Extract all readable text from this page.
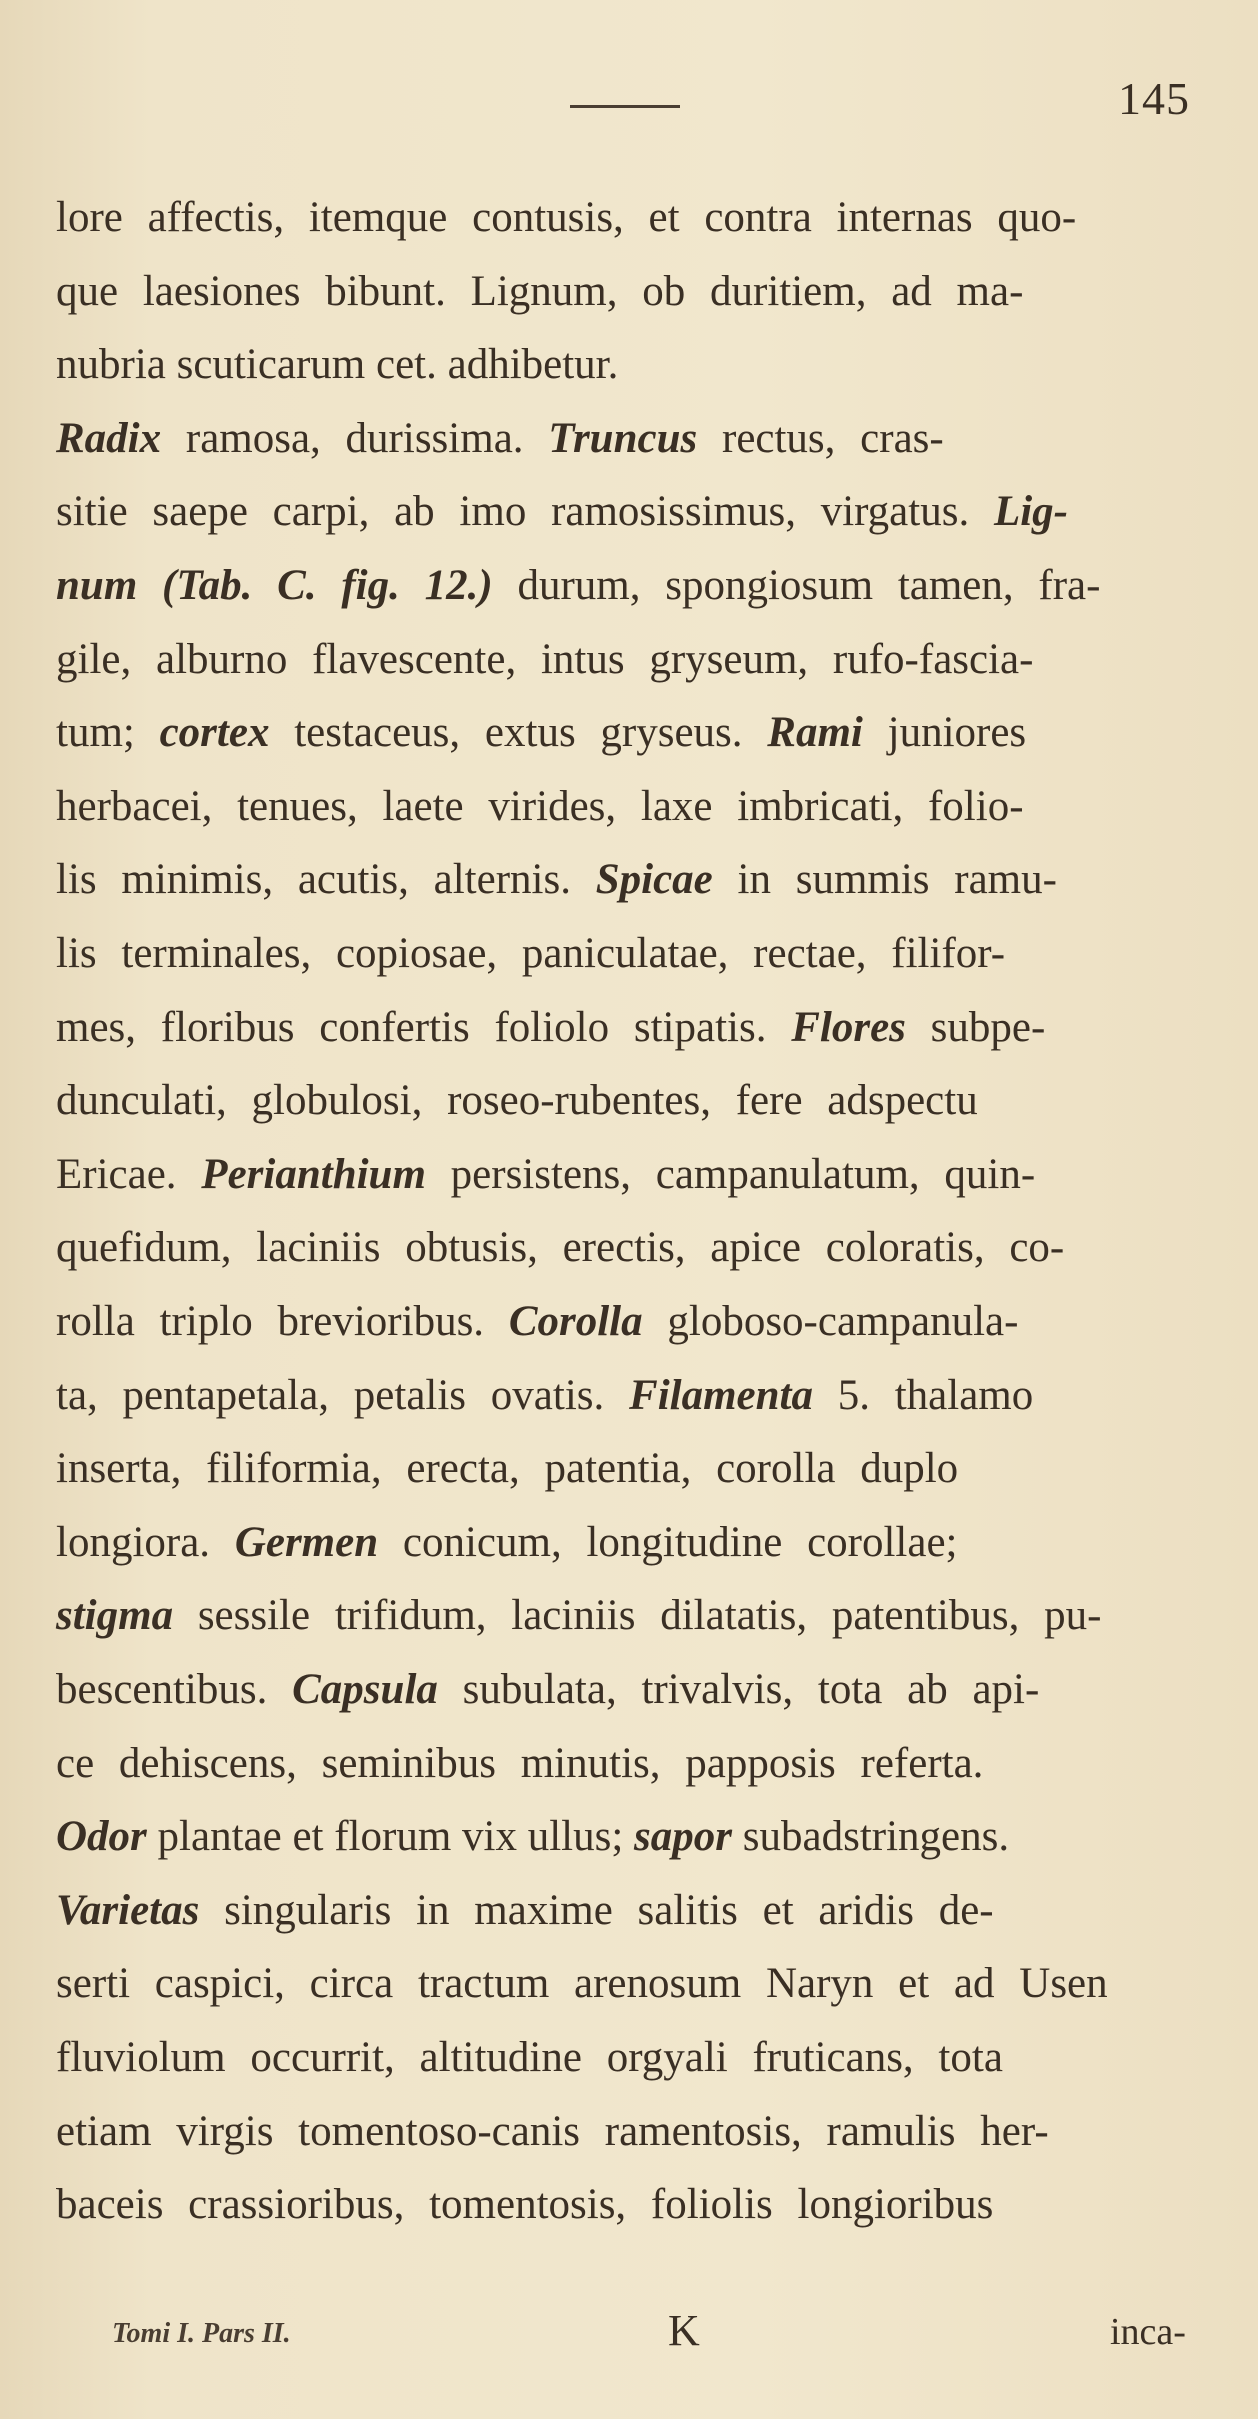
145
lore affectis, itemque contusis, et contra internas quo-
que laesiones bibunt. Lignum, ob duritiem, ad ma-
nubria scuticarum cet. adhibetur.
Radix ramosa, durissima. Truncus rectus, cras-
sitie saepe carpi, ab imo ramosissimus, virgatus. Lig-
num (Tab. C. fig. 12.) durum, spongiosum tamen, fra-
gile, alburno flavescente, intus gryseum, rufo-fascia-
tum; cortex testaceus, extus gryseus. Rami juniores
herbacei, tenues, laete virides, laxe imbricati, folio-
lis minimis, acutis, alternis. Spicae in summis ramu-
lis terminales, copiosae, paniculatae, rectae, filifor-
mes, floribus confertis foliolo stipatis. Flores subpe-
dunculati, globulosi, roseo-rubentes, fere adspectu
Ericae. Perianthium persistens, campanulatum, quin-
quefidum, laciniis obtusis, erectis, apice coloratis, co-
rolla triplo brevioribus. Corolla globoso-campanula-
ta, pentapetala, petalis ovatis. Filamenta 5. thalamo
inserta, filiformia, erecta, patentia, corolla duplo
longiora. Germen conicum, longitudine corollae;
stigma sessile trifidum, laciniis dilatatis, patentibus, pu-
bescentibus. Capsula subulata, trivalvis, tota ab api-
ce dehiscens, seminibus minutis, papposis referta.
Odor plantae et florum vix ullus; sapor subadstringens.
Varietas singularis in maxime salitis et aridis de-
serti caspici, circa tractum arenosum Naryn et ad Usen
fluviolum occurrit, altitudine orgyali fruticans, tota
etiam virgis tomentoso-canis ramentosis, ramulis her-
baceis crassioribus, tomentosis, foliolis longioribus
Tomi I. Pars II.	K	inca-
